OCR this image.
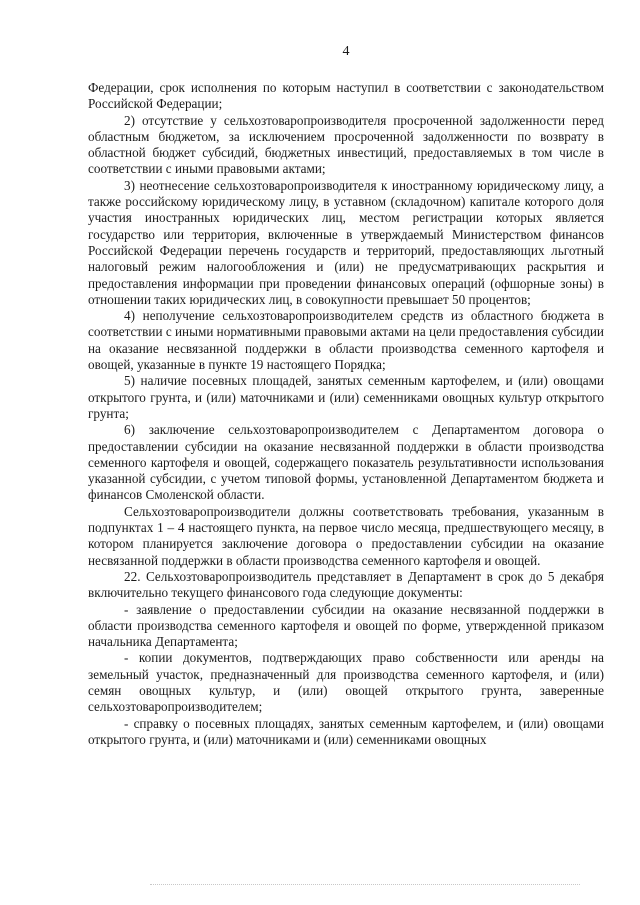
4

Федерации, срок исполнения по которым наступил в соответствии с законодательством Российской Федерации;

2) отсутствие у сельхозтоваропроизводителя просроченной задолженности перед областным бюджетом, за исключением просроченной задолженности по возврату в областной бюджет субсидий, бюджетных инвестиций, предоставляемых в том числе в соответствии с иными правовыми актами;

3) неотнесение сельхозтоваропроизводителя к иностранному юридическому лицу, а также российскому юридическому лицу, в уставном (складочном) капитале которого доля участия иностранных юридических лиц, местом регистрации которых является государство или территория, включенные в утверждаемый Министерством финансов Российской Федерации перечень государств и территорий, предоставляющих льготный налоговый режим налогообложения и (или) не предусматривающих раскрытия и предоставления информации при проведении финансовых операций (офшорные зоны) в отношении таких юридических лиц, в совокупности превышает 50 процентов;

4) неполучение сельхозтоваропроизводителем средств из областного бюджета в соответствии с иными нормативными правовыми актами на цели предоставления субсидии на оказание несвязанной поддержки в области производства семенного картофеля и овощей, указанные в пункте 19 настоящего Порядка;

5) наличие посевных площадей, занятых семенным картофелем, и (или) овощами открытого грунта, и (или) маточниками и (или) семенниками овощных культур открытого грунта;

6) заключение сельхозтоваропроизводителем с Департаментом договора о предоставлении субсидии на оказание несвязанной поддержки в области производства семенного картофеля и овощей, содержащего показатель результативности использования указанной субсидии, с учетом типовой формы, установленной Департаментом бюджета и финансов Смоленской области.

Сельхозтоваропроизводители должны соответствовать требования, указанным в подпунктах 1 – 4 настоящего пункта, на первое число месяца, предшествующего месяцу, в котором планируется заключение договора о предоставлении субсидии на оказание несвязанной поддержки в области производства семенного картофеля и овощей.

22. Сельхозтоваропроизводитель представляет в Департамент в срок до 5 декабря включительно текущего финансового года следующие документы:

- заявление о предоставлении субсидии на оказание несвязанной поддержки в области производства семенного картофеля и овощей по форме, утвержденной приказом начальника Департамента;

- копии документов, подтверждающих право собственности или аренды на земельный участок, предназначенный для производства семенного картофеля, и (или) семян овощных культур, и (или) овощей открытого грунта, заверенные сельхозтоваропроизводителем;

- справку о посевных площадях, занятых семенным картофелем, и (или) овощами открытого грунта, и (или) маточниками и (или) семенниками овощных
